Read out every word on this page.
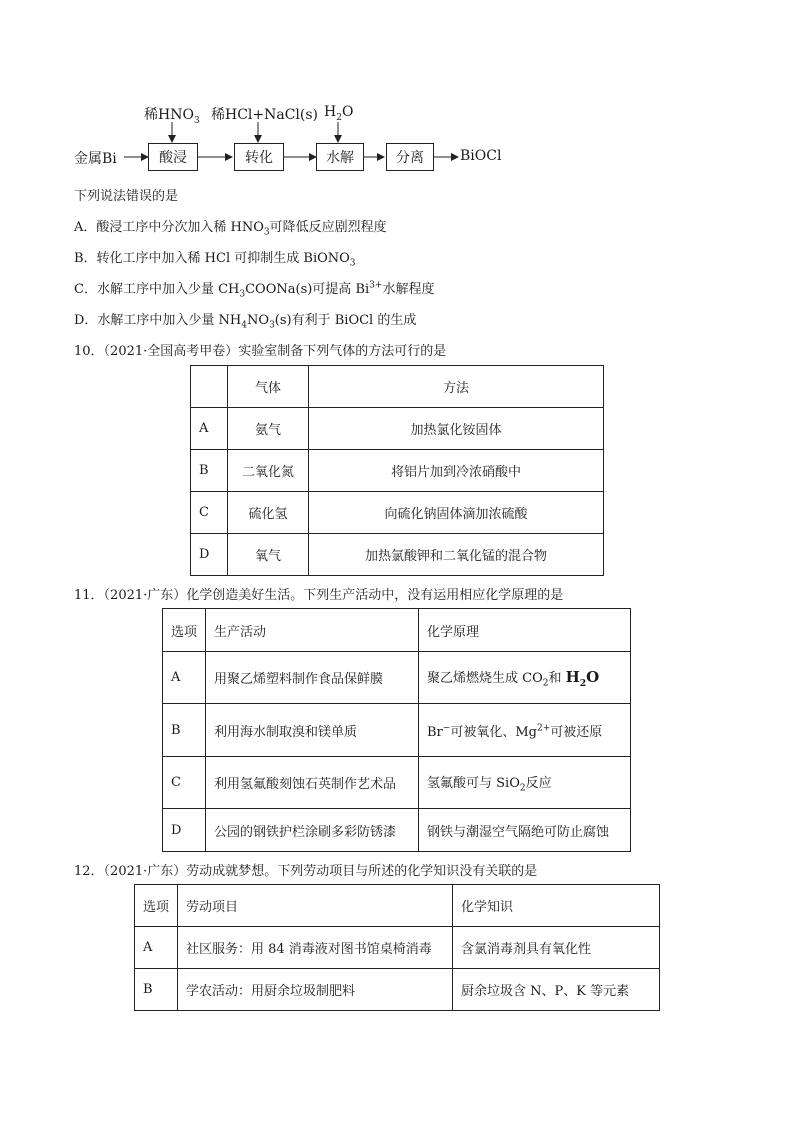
稀$HNO_3$ 稀HCl+NaCl(s) $H_2O$
金属Bi	酸浸	转化	水解	分离	BiOCl
下列说法错误的是
A．酸浸工序中分次加入稀 $HNO_3$可降低反应剧烈程度
B．转化工序中加入稀 HCl 可抑制生成 BiONO$_3$
C．水解工序中加入少量 $CH_3COONa(s)$可提高 $Bi^{3+}$水解程度
D．水解工序中加入少量 $NH_4NO_3(s)$有利于 BiOCl 的生成
10．（2021·全国高考甲卷）实验室制备下列气体的方法可行的是
	气体	方法
A	氨气	加热氯化铵固体
B	二氧化氮	将铝片加到冷浓硝酸中
C	硫化氢	向硫化钠固体滴加浓硫酸
D	氧气	加热氯酸钾和二氧化锰的混合物
11．（2021·广东）化学创造美好生活。下列生产活动中，没有运用相应化学原理的是
选项	生产活动	化学原理
A	用聚乙烯塑料制作食品保鲜膜	聚乙烯燃烧生成 $CO_2$和 $H_2O$
B	利用海水制取溴和镁单质	Br−可被氧化、$Mg^{2+}$可被还原
C	利用氢氟酸刻蚀石英制作艺术品	氢氟酸可与 SiO$_2$反应
D	公园的钢铁护栏涂刷多彩防锈漆	钢铁与潮湿空气隔绝可防止腐蚀
12．（2021·广东）劳动成就梦想。下列劳动项目与所述的化学知识没有关联的是
选项	劳动项目	化学知识
A	社区服务：用 84 消毒液对图书馆桌椅消毒	含氯消毒剂具有氧化性
B	学农活动：用厨余垃圾制肥料	厨余垃圾含 N、P、K 等元素
